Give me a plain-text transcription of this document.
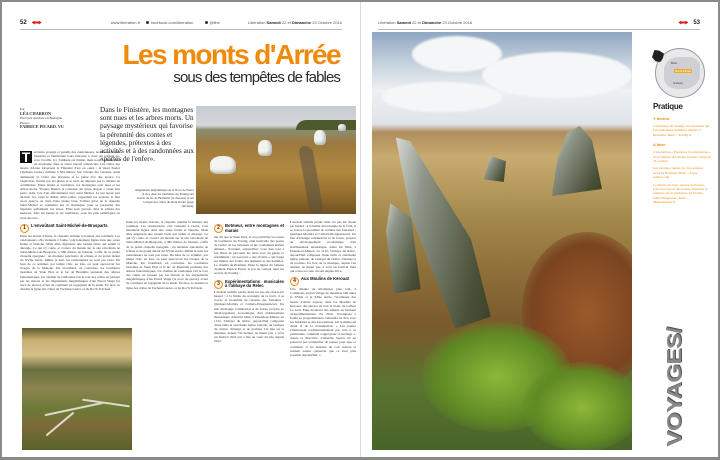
52	www.liberation.fr	facebook.com/liberation	@libe	Libération Samedi 22 et Dimanche 23 Octobre 2016	Libération Samedi 22 et Dimanche 23 Octobre 2016	53
Les monts d'Arrée
sous des tempêtes de fables
Par
LÉA CHARRON
Envoyée spéciale en Bretagne
Photos
FABRICE PICARD. VU
Dans le Finistère, les montagnes sont nues et les arbres morts. Un paysage mystérieux qui favorise la pérennité des contes et légendes, prétextes à des activités et à des randonnées aux «portes de l'enfer».
Alignement mégalithique de la Noce de Pierre (à dr.), dans les tourbières du Youdig aux abords du lac de Brennilis (ci-dessous) et sur la ligne des crêtes du mont Kador (page suivante).
T	erritoire protégé et paradis des randonneurs, les monts d'Arrée inspirent et murmurent leurs histoires à ceux qui tendent en-core l'oreille. Ici, l'altitude est timide, mais nous sommes bien en montagne dans le vieux massif armoricain. Les crêtes des monts d'Arrée traversent le Finistère d'est en ouest : le mont Kador (Tuchenn Gador) culmine à 384 mètres. Sur l'abrupt des versants, seuls demeurent le violet des bruyères et le jaune d'or des ajoncs. La végétation, fléchie par les pluies et le vent, ne dépasse pas la dizaine de centimètres. Entre landes et tourbières, les montagnes sont nues et les arbres morts. Yvonne Daniel, la conteuse, dit qu'un dragon a causé leur perte, ladis, lors d'un affrontement avec saint Michel. Le feu aurait tout dé-truit. Ici, rares le diable allait paître, rappellent les anciens. Il faut avoir aperçu, au clair d'une pleine lune, l'ombre grise de la chapelle Saint-Michel se soumettre sur sa montagne, pour se persuader des légendes qu'habitent ces terres. Elles sont gravées dans le schiste des maisons, dans les landes et les tourbières, sous les pins esthétiques ou l'eau des lacs.
1	L'envoûtant Saint-Michel-de-Brasparts
Dans les monts d'Arrée, la chapelle domine la hauteur des sommets. Les randonneurs, s'ils viennent à l'aube, vont lentement figées dans une ouate ferme et blanche. Mais elles déguisent une beauté brute qui séduit et dérange. Ce qui s'y coule, et s'ouvre du monde sur le site envoûtant de Saint-Michel-de-Brasparts, à 380 mètres de hauteur, coiffé de sa petite chapelle épargnée : un modeste sanctuaire de schiste et de granit datant du XVIIe siècle. Même la nuit, les randonneurs ne sont pas rares. Du haut de ce sommet, par temps clair, au loin, on peut apercevoir les rivages de la Manche. Par brouillard, en contrebas, les tourbières inondées de Yeun Elez et le lac de Brennilis prennent des allures fantomatiques. Un chemin de randonnée fait le tour des crêtes en passant par les marais et les alignements mégalithiques d'An Eured Veign (la noce de pierre), avant de continuer en regagnant de la lande. En face, se dessine la ligne des crêtes de Tuchenn Gador, et du Roc'h Trévézel.
Dans les monts d'Arrée, la chapelle domine la hauteur des sommets. Les randonneurs, s'ils viennent à l'aube, vont lentement figées dans une ouate ferme et blanche. Mais elles déguisent une beauté brute qui séduit et dérange. Ce qui s'y coule, et s'ouvre du monde sur le site envoûtant de Saint-Michel-de-Brasparts, à 380 mètres de hauteur, coiffé de sa petite chapelle épargnée : un modeste sanctuaire de schiste et de granit datant du XVIIe siècle. Même la nuit, les randonneurs ne sont pas rares. Du haut de ce sommet, par temps clair, au loin, on peut apercevoir les rivages de la Manche. Par brouillard, en contrebas, les tourbières inondées de Yeun Elez et le lac de Brennilis prennent des allures fantomatiques. Un chemin de randonnée fait le tour des crêtes en passant par les marais et les alignements mégalithiques d'An Eured Veign (la noce de pierre), avant de continuer en regagnant de la lande. En face, se dessine la ligne des crêtes de Tuchenn Gador, et du Roc'h Trévézel.
2	Botmeur, entre montagnes et marais
On dit que le Yeun Elez, et en particulier les zones de tourbières du Youdig, était indicable des portes de l'enfer où les trépassés et les condamnés étaient amenés... Pourtant, aujourd'hui, vous êtes tout à fait libres de parcourir les lieux avec un guide, et notamment : un parcours « des vivants » qui longe les lisières des forêts, des animaux et des hommes. Le chemin de Botmeur. Dans la lignée du fameux chanteur Patrick Ewen, le jeu ou conteur tient les secrets du Youdig...
3	Expérimentations musicales à l'abbaye du Relec
L'endroit semble perdu, mais n'a pas été choisi par hasard : à la limite du rectangle de la forêt, il se trouve la proximité de certains des fontaines : Quimper-Morlaix et Carhaix-Plouguernevel. Un lieu d'échange commercial et de foires, propice au développement économique d'un établissement monastique. Ainsi fut bâtie, à Plounéour-Ménez, en 1132, l'abbaye du Relec, aujourd'hui composée d'une belle et attachante église romane, de vestiges du cloître, d'étangs et de prairies. Un lieu où la musique, depuis l'an dernier, ne meurt pas, a vécu un festival d'été qui a lieu au cœur du site depuis 2012.
L'endroit semble perdu, mais n'a pas été choisi par hasard : à la limite du rectangle de la forêt, il se trouve la proximité de certains des fontaines : Quimper-Morlaix et Carhaix-Plouguernevel. Un lieu d'échange commercial et de foires, propice au développement économique d'un établissement monastique. Ainsi fut bâtie, à Plounéour-Ménez, en 1132, l'abbaye du Relec, aujourd'hui composée d'une belle et attachante église romane, de vestiges du cloître, d'étangs et de prairies. Un lieu où la musique, depuis l'an dernier, ne meurt pas, a vécu un festival d'été qui a lieu au cœur du site depuis 2012.
4	Aux Moulins de Kerouat
Une dizaine de kilomètres plus loin, à Commana, ancien village de meuniers bâti entre le XVIIe et le XIXe siècle, l'écomusée des monts d'Arrée expose, dans les Moulins de Kerouat, des photos en noir et blanc de Gilbert Le Gall. Elles montrent des enfants au moment d'expérimentations. En 2016, l'écomusée a fondé sa programmation culturelle en lien avec les habitants et des associations, sur le thème du chant et de la transmission. « Les jeunes s'intéressent traditionnellement par cela à ce patrimoine, comment s'approprier ce héritage », assure la directrice, Catherine Sparta. Ils ne pourront pas s'empêcher de penser pour que, et comment, il est heureux de voir culture et rendent autant conserver que ce n'est plus possible aujourd'hui. »
Brest
Monts d'Arrée
Quimper
Pratique
Y dormir

A l'auberge du Youdig, un restaurant qui fait également chambres d'hôtes, à Brennilis. Rens. : Youdig.fr

A faire

L'exposition « Fenestres Conversations » à l'écomusée des monts d'Arrée. Jusqu'au 31 octobre.

Les balades contées de l'association Arbed à Botmeur. Rens. : Arree-randos.com

Le musée du loup, unique en France, pour tout savoir des contes, histoires et rumeurs sur le prédateur, au Cloître-Saint-Thégonnec. Rens. : Museeduloup.fr

VOYAGES/
